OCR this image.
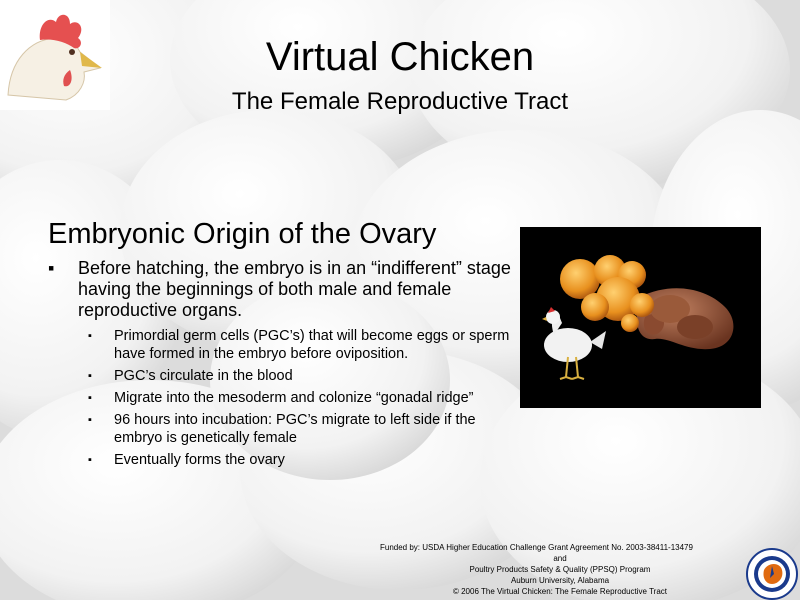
Virtual Chicken
The Female Reproductive Tract
Embryonic Origin of the Ovary
▪ Before hatching, the embryo is in an “indifferent” stage having the beginnings of both male and female reproductive organs.
▪ Primordial germ cells (PGC’s) that will become eggs or sperm have formed in the embryo before oviposition.
▪ PGC’s circulate in the blood
▪ Migrate into the mesoderm and colonize “gonadal ridge”
▪ 96 hours into incubation: PGC’s migrate to left side if the embryo is genetically female
▪ Eventually forms the ovary
Funded by: USDA Higher Education Challenge Grant Agreement No. 2003-38411-13479
and
Poultry Products Safety & Quality (PPSQ) Program
Auburn University, Alabama
© 2006 The Virtual Chicken: The Female Reproductive Tract
